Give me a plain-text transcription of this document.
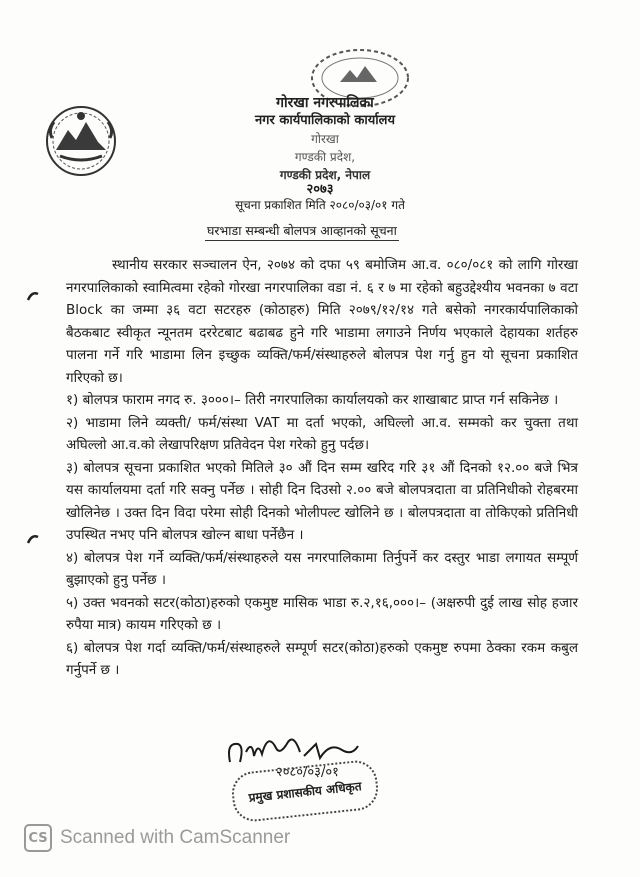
गोरखा नगरपालिका
नगर कार्यपालिकाको कार्यालय
गोरखा
गण्डकी प्रदेश,
गण्डकी प्रदेश, नेपाल
२०७३
सूचना प्रकाशित मिति २०८०/०३/०१ गते
घरभाडा सम्बन्धी बोलपत्र आव्हानको सूचना

स्थानीय सरकार सञ्चालन ऐन, २०७४ को दफा ५९ बमोजिम आ.व. ०८०/०८१ को लागि गोरखा नगरपालिकाको स्वामित्वमा रहेको गोरखा नगरपालिका वडा नं. ६ र ७ मा रहेको बहुउद्देश्यीय भवनका ७ वटा Block का जम्मा ३६ वटा सटरहरु (कोठाहरु) मिति २०७९/१२/१४ गते बसेको नगरकार्यपालिकाको बैठकबाट स्वीकृत न्यूनतम दररेटबाट बढाबढ हुने गरि भाडामा लगाउने निर्णय भएकाले देहायका शर्तहरु पालना गर्ने गरि भाडामा लिन इच्छुक व्यक्ति/फर्म/संस्थाहरुले बोलपत्र पेश गर्नु हुन यो सूचना प्रकाशित गरिएको छ।

१) बोलपत्र फाराम नगद रु. ३०००।– तिरी नगरपालिका कार्यालयको कर शाखाबाट प्राप्त गर्न सकिनेछ ।

२) भाडामा लिने व्यक्ती/ फर्म/संस्था VAT मा दर्ता भएको, अघिल्लो आ.व. सम्मको कर चुक्ता तथा अघिल्लो आ.व.को लेखापरिक्षण प्रतिवेदन पेश गरेको हुनु पर्दछ।

३) बोलपत्र सूचना प्रकाशित भएको मितिले ३० औं दिन सम्म खरिद गरि ३१ औं दिनको १२.०० बजे भित्र यस कार्यालयमा दर्ता गरि सक्नु पर्नेछ । सोही दिन दिउसो २.०० बजे बोलपत्रदाता वा प्रतिनिधीको रोहबरमा खोलिनेछ । उक्त दिन विदा परेमा सोही दिनको भोलीपल्ट खोलिने छ । बोलपत्रदाता वा तोकिएको प्रतिनिधी उपस्थित नभए पनि बोलपत्र खोल्न बाधा पर्नेछैन ।

४) बोलपत्र पेश गर्ने व्यक्ति/फर्म/संस्थाहरुले यस नगरपालिकामा तिर्नुपर्ने कर दस्तुर भाडा लगायत सम्पूर्ण बुझाएको हुनु पर्नेछ ।

५) उक्त भवनको सटर(कोठा)हरुको एकमुष्ट मासिक भाडा रु.२,१६,०००।– (अक्षरुपी दुई लाख सोह हजार रुपैया मात्र) कायम गरिएको छ ।

६) बोलपत्र पेश गर्दा व्यक्ति/फर्म/संस्थाहरुले सम्पूर्ण सटर(कोठा)हरुको एकमुष्ट रुपमा ठेक्का रकम कबुल गर्नुपर्ने छ ।

२०८०/०३/०१
प्रमुख प्रशासकीय अधिकृत
CS Scanned with CamScanner
